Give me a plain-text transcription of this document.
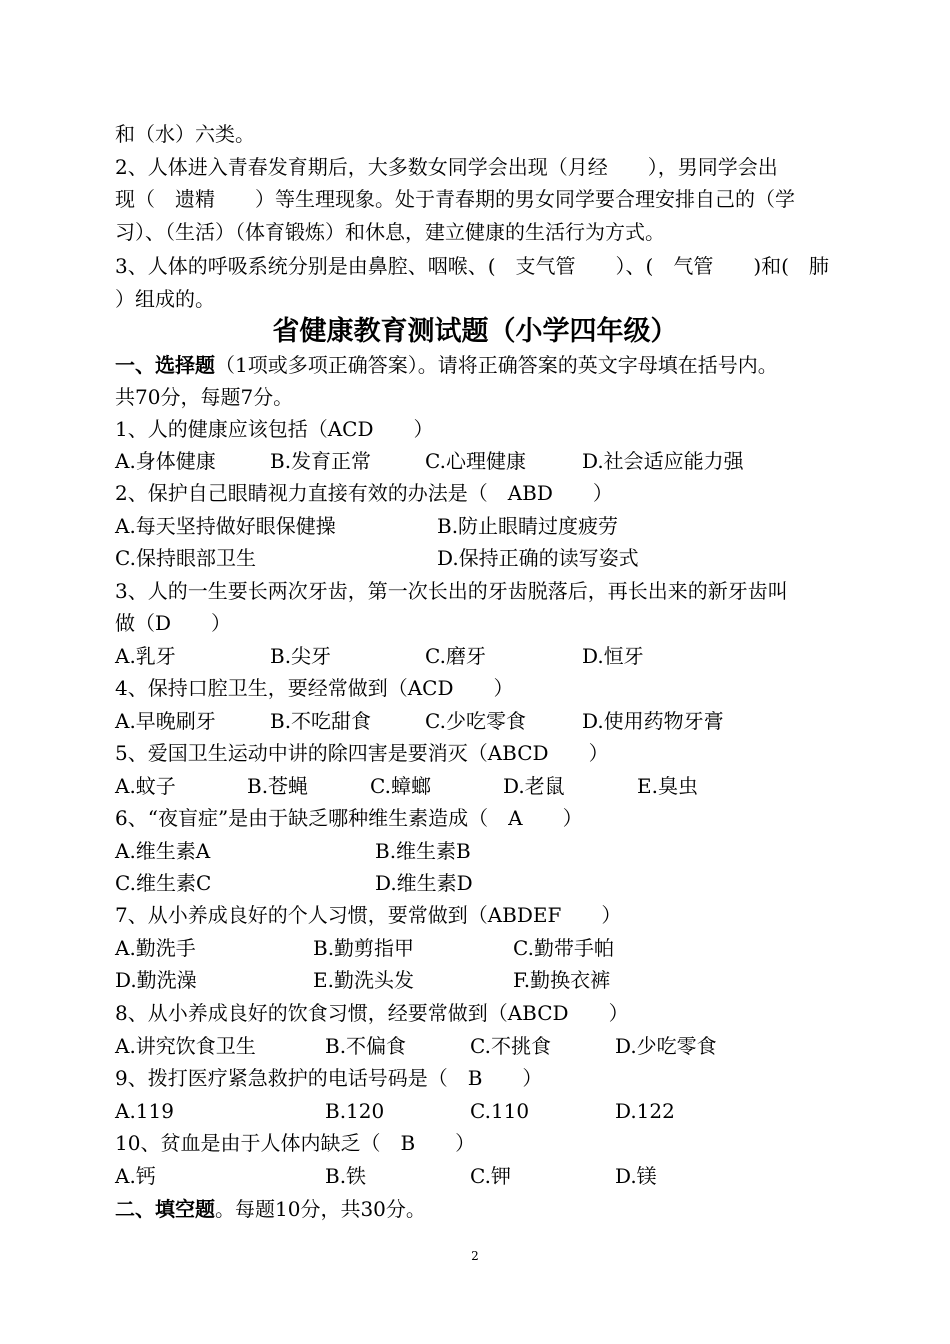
和（水）六类。
2、人体进入青春发育期后，大多数女同学会出现（月经　　），男同学会出
现（　遗精　　）等生理现象。处于青春期的男女同学要合理安排自己的（学
习）、（生活）（体育锻炼）和休息，建立健康的生活行为方式。
3、人体的呼吸系统分别是由鼻腔、咽喉、(　支气管　　）、(　气管　　)和(　肺
）组成的。
省健康教育测试题（小学四年级）
一、选择题（1项或多项正确答案）。请将正确答案的英文字母填在括号内。
共70分，每题7分。
1、人的健康应该包括（ACD　　）
A.身体健康	B.发育正常	C.心理健康	D.社会适应能力强
2、保护自己眼睛视力直接有效的办法是（　ABD　　）
A.每天坚持做好眼保健操	B.防止眼睛过度疲劳
C.保持眼部卫生	D.保持正确的读写姿式
3、人的一生要长两次牙齿，第一次长出的牙齿脱落后，再长出来的新牙齿叫
做（D　　）
A.乳牙	B.尖牙	C.磨牙	D.恒牙
4、保持口腔卫生，要经常做到（ACD　　）
A.早晚刷牙	B.不吃甜食	C.少吃零食	D.使用药物牙膏
5、爱国卫生运动中讲的除四害是要消灭（ABCD　　）
A.蚊子	B.苍蝇	C.蟑螂	D.老鼠	E.臭虫
6、“夜盲症”是由于缺乏哪种维生素造成（　A　　）
A.维生素A	B.维生素B
C.维生素C	D.维生素D
7、从小养成良好的个人习惯，要常做到（ABDEF　　）
A.勤洗手	B.勤剪指甲	C.勤带手帕
D.勤洗澡	E.勤洗头发	F.勤换衣裤
8、从小养成良好的饮食习惯，经要常做到（ABCD　　）
A.讲究饮食卫生	B.不偏食	C.不挑食	D.少吃零食
9、拨打医疗紧急救护的电话号码是（　B　　）
A.119	B.120	C.110	D.122
10、贫血是由于人体内缺乏（　B　　）
A.钙	B.铁	C.钾	D.镁
二、填空题。每题10分，共30分。
2
